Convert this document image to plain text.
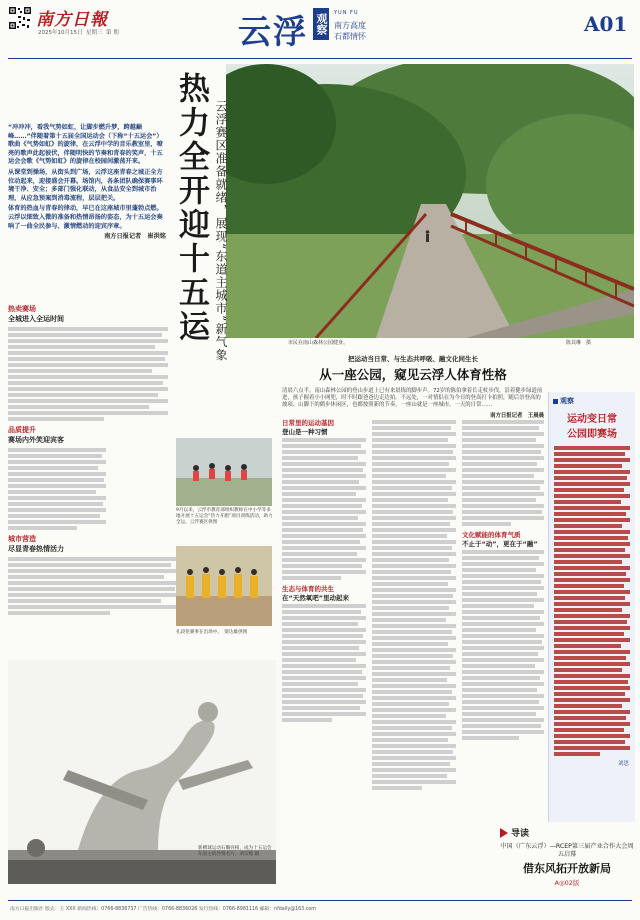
南方日報
2025年10月15日 星期三 第 期	云浮 观察 YUN FU
南方高度
石都情怀
A01
市民在南山森林公园健身。	陈其琳　摄
热力全开迎十五运 云浮赛区准备就绪，展现“东道主城市”新气象

“冲冲冲，看我气势如虹，让脚步燃升梦，跨越巅峰……”伴随着第十五届全国运动会（下称“十五运会”）歌曲《气势如虹》的旋律，在云浮中学的音乐教室里，嘹亮的歌声此起彼伏，伴随明快的节奏和青春的笑声，十五运会会歌《气势如虹》的旋律在校园间激荡开来。

从课堂到操场，从街头到广场，云浮这座青春之城正全方位动起来，迎接盛会开幕。场馆内，各条团队确保赛事环境干净、安全；多部门强化联动，从食品安全到城市治理，从应急预案到消毒流程，层层把关。

体育的热血与青春的律动，早已在这座城市里蓬勃点燃。云浮以细致入微的准备和热情昂扬的姿态，为十五运会奏响了一曲全民参与、激情燃动的迎宾序章。

南方日报记者　崔洪铭

热卖赛场
全城进入全运时间
品质提升
赛场内外笑迎宾客
城市营造
尽显青春热情活力
9月以来，云浮市教育部组织教师在中小学等多地开展十五运会“热力开跑”项目训练活动，助力全运。云浮赛区供图
孔段伦赛事在出场中。　梁达雄供图
新横球运动石雕亮相，成为十五运会东道主的热情名片。刘宗熙 摄
把运动当日常、与生态共呼吸、融文化同生长
从一座公园，窥见云浮人体育性格
清晨六点半，南山森林公园的登山步道上已有来晨练的脚步声。72岁的陈伯拿着长走杖步伐，沿着健步绿道前进，孩子握着小小网兜，时不时跟爸爸边走边拍。不远处，一对情侣在为今日的登高打卡拍照，随后崇登高的坡项、山脚下的鹤步休闲区，也都按照新的节奏，一座山就是一座城市，一天的日常……
南方日报记者　王晨晨
日常里的运动基因
登山是一种习惯
生态与体育的共生
在“天然氧吧”里动起来
文化赋能的体育气质
不止于“动”，更在于“融”
观察
运动变日常
公园即赛场
刘思
导读
中国（广东云浮）—RCEP第三届产业合作大会周五启幕
借东风拓开放新局
A◎02版
南方日报出版社 版式：王 XXX 新闻热线：0766-8836737 广告热线：0766-8836026 发行热线：0766-8981116 邮箱：nfdaily@163.com
